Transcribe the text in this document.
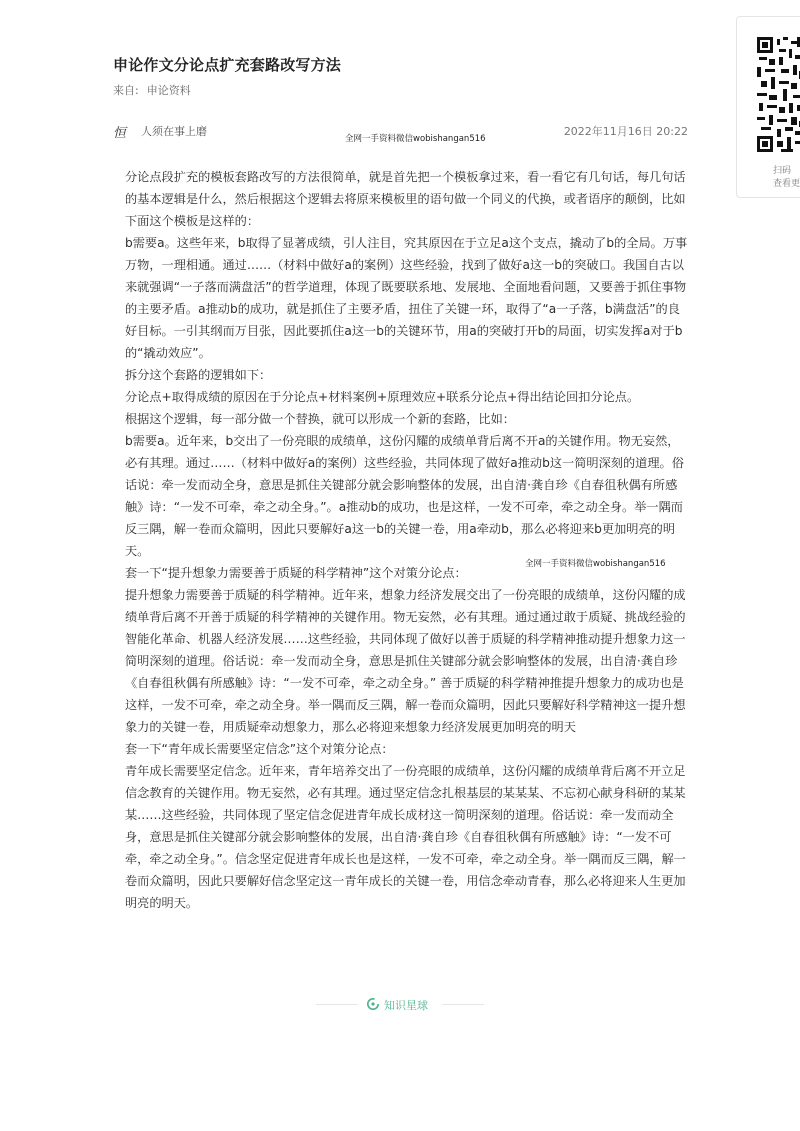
申论作文分论点扩充套路改写方法
来自: 申论资料
恒 人须在事上磨
全网一手资料微信wobishangan516
2022年11月16日 20:22
扫码
查看更

分论点段扩充的模板套路改写的方法很简单，就是首先把一个模板拿过来，看一看它有几句话，每几句话的基本逻辑是什么，然后根据这个逻辑去将原来模板里的语句做一个同义的代换，或者语序的颠倒，比如下面这个模板是这样的：

b需要a。这些年来，b取得了显著成绩，引人注目，究其原因在于立足a这个支点，撬动了b的全局。万事万物，一理相通。通过……（材料中做好a的案例）这些经验，找到了做好a这一b的突破口。我国自古以来就强调“一子落而满盘活”的哲学道理，体现了既要联系地、发展地、全面地看问题，又要善于抓住事物的主要矛盾。a推动b的成功，就是抓住了主要矛盾，扭住了关键一环，取得了“a一子落，b满盘活”的良好目标。一引其纲而万目张，因此要抓住a这一b的关键环节，用a的突破打开b的局面，切实发挥a对于b的“撬动效应”。

拆分这个套路的逻辑如下：

分论点+取得成绩的原因在于分论点+材料案例+原理效应+联系分论点+得出结论回扣分论点。

根据这个逻辑，每一部分做一个替换，就可以形成一个新的套路，比如：

b需要a。近年来，b交出了一份亮眼的成绩单，这份闪耀的成绩单背后离不开a的关键作用。物无妄然，必有其理。通过……（材料中做好a的案例）这些经验，共同体现了做好a推动b这一简明深刻的道理。俗话说：牵一发而动全身，意思是抓住关键部分就会影响整体的发展，出自清·龚自珍《自春徂秋偶有所感触》诗：“一发不可牵，牵之动全身。”。a推动b的成功，也是这样，一发不可牵，牵之动全身。举一隅而反三隅，解一卷而众篇明，因此只要解好a这一b的关键一卷，用a牵动b，那么必将迎来b更加明亮的明天。

套一下“提升想象力需要善于质疑的科学精神”这个对策分论点：

提升想象力需要善于质疑的科学精神。近年来，想象力经济发展交出了一份亮眼的成绩单，这份闪耀的成绩单背后离不开善于质疑的科学精神的关键作用。物无妄然，必有其理。通过通过敢于质疑、挑战经验的智能化革命、机器人经济发展……这些经验，共同体现了做好以善于质疑的科学精神推动提升想象力这一简明深刻的道理。俗话说：牵一发而动全身，意思是抓住关键部分就会影响整体的发展，出自清·龚自珍《自春徂秋偶有所感触》诗：“一发不可牵，牵之动全身。” 善于质疑的科学精神推提升想象力的成功也是这样，一发不可牵，牵之动全身。举一隅而反三隅，解一卷而众篇明，因此只要解好科学精神这一提升想象力的关键一卷，用质疑牵动想象力，那么必将迎来想象力经济发展更加明亮的明天

套一下“青年成长需要坚定信念”这个对策分论点：

青年成长需要坚定信念。近年来，青年培养交出了一份亮眼的成绩单，这份闪耀的成绩单背后离不开立足信念教育的关键作用。物无妄然，必有其理。通过坚定信念扎根基层的某某某、不忘初心献身科研的某某某……这些经验，共同体现了坚定信念促进青年成长成材这一简明深刻的道理。俗话说：牵一发而动全身，意思是抓住关键部分就会影响整体的发展，出自清·龚自珍《自春徂秋偶有所感触》诗：“一发不可牵，牵之动全身。”。信念坚定促进青年成长也是这样，一发不可牵，牵之动全身。举一隅而反三隅，解一卷而众篇明，因此只要解好信念坚定这一青年成长的关键一卷，用信念牵动青春，那么必将迎来人生更加明亮的明天。

全网一手资料微信wobishangan516
知识星球
